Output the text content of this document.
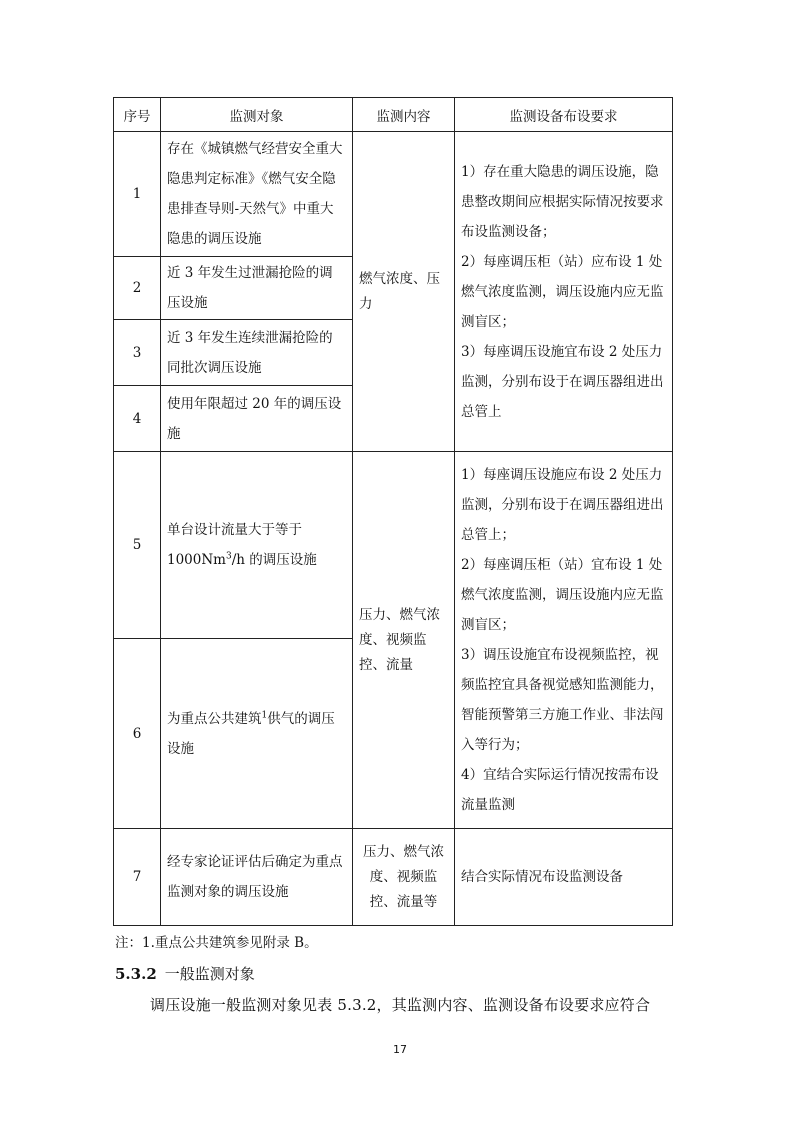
序号	监测对象	监测内容	监测设备布设要求
1	存在《城镇燃气经营安全重大隐患判定标准》《燃气安全隐患排查导则-天然气》中重大隐患的调压设施	燃气浓度、压力	1）存在重大隐患的调压设施，隐患整改期间应根据实际情况按要求布设监测设备；
2）每座调压柜（站）应布设 1 处燃气浓度监测，调压设施内应无监测盲区；
3）每座调压设施宜布设 2 处压力监测，分别布设于在调压器组进出总管上

2	近 3 年发生过泄漏抢险的调压设施		
3	近 3 年发生连续泄漏抢险的同批次调压设施		
4	使用年限超过 20 年的调压设施		
5	单台设计流量大于等于 1000Nm$^3$/h 的调压设施	压力、燃气浓度、视频监控、流量	1）每座调压设施应布设 2 处压力监测，分别布设于在调压器组进出总管上；
2）每座调压柜（站）宜布设 1 处燃气浓度监测，调压设施内应无监测盲区；
3）调压设施宜布设视频监控，视频监控宜具备视觉感知监测能力，智能预警第三方施工作业、非法闯入等行为；
4）宜结合实际运行情况按需布设流量监测

6	为重点公共建筑$^1$供气的调压设施		
7	经专家论证评估后确定为重点监测对象的调压设施	压力、燃气浓度、视频监控、流量等	结合实际情况布设监测设备
注：1.重点公共建筑参见附录 B。
5.3.2 一般监测对象
调压设施一般监测对象见表 5.3.2，其监测内容、监测设备布设要求应符合
17
